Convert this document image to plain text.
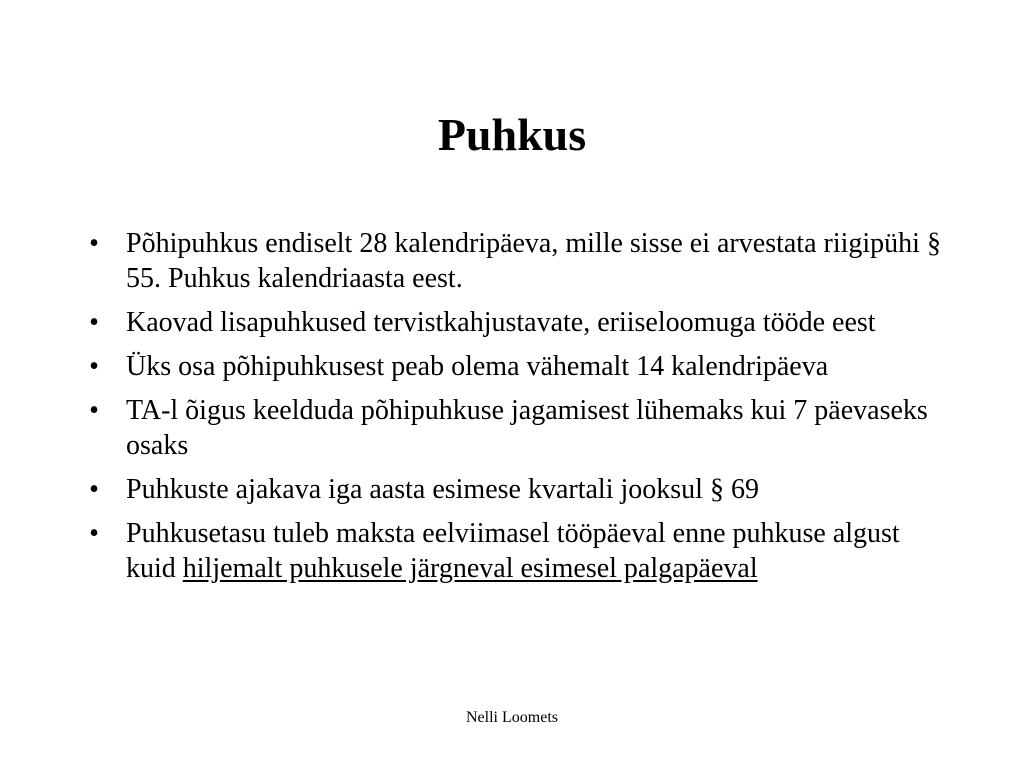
Puhkus
• Põhipuhkus endiselt 28 kalendripäeva, mille sisse ei arvestata riigipühi § 55. Puhkus kalendriaasta eest.
• Kaovad lisapuhkused tervistkahjustavate, eriiseloomuga tööde eest
• Üks osa põhipuhkusest peab olema vähemalt 14 kalendripäeva
• TA-l õigus keelduda põhipuhkuse jagamisest lühemaks kui 7 päevaseks osaks
• Puhkuste ajakava iga aasta esimese kvartali jooksul § 69
• Puhkusetasu tuleb maksta eelviimasel tööpäeval enne puhkuse algust kuid hiljemalt puhkusele järgneval esimesel palgapäeval
Nelli Loomets
